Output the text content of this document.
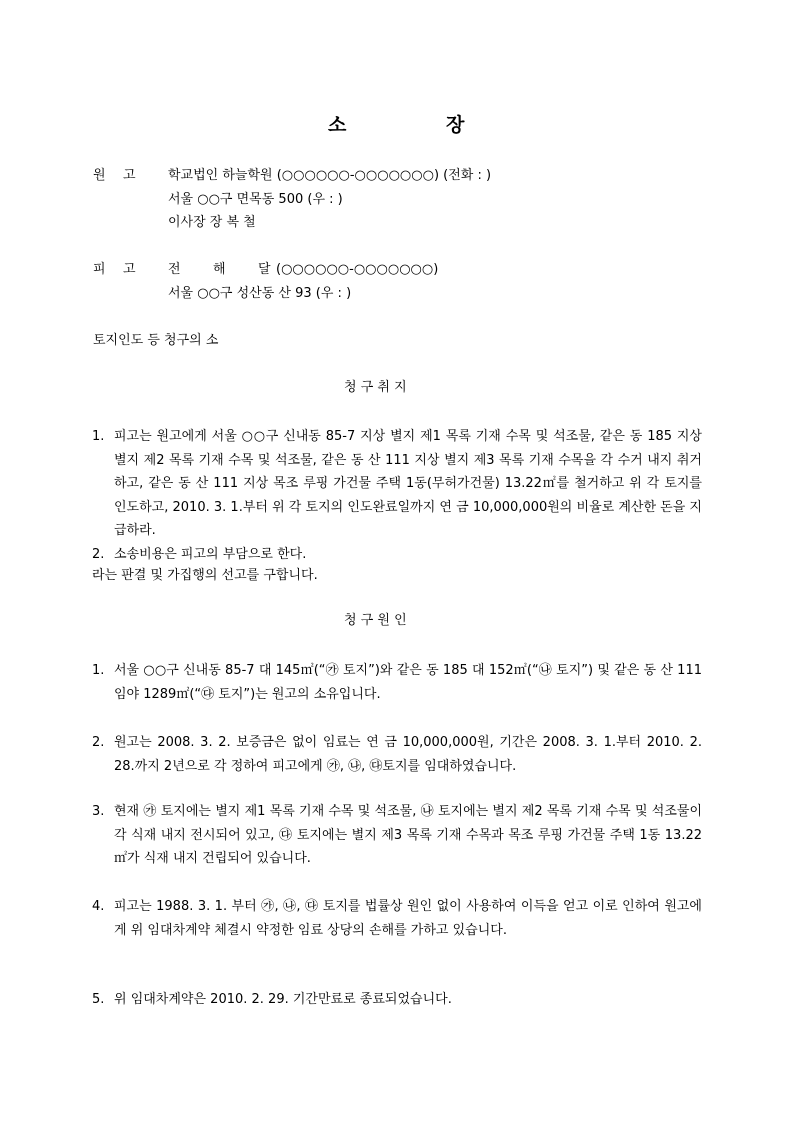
소	장
원 고 학교법인 하늘학원 (○○○○○○-○○○○○○○) (전화 : )
서울 ○○구 면목동 500 (우 : )
이사장 장 복 철
피 고 전 해 달 (○○○○○○-○○○○○○○)
서울 ○○구 성산동 산 93 (우 : )
토지인도 등 청구의 소
청 구 취 지
1. 피고는 원고에게 서울 ○○구 신내동 85-7 지상 별지 제1 목록 기재 수목 및 석조물, 같은 동 185 지상 별지 제2 목록 기재 수목 및 석조물, 같은 동 산 111 지상 별지 제3 목록 기재 수목을 각 수거 내지 취거하고, 같은 동 산 111 지상 목조 루핑 가건물 주택 1동(무허가건물) 13.22㎡를 철거하고 위 각 토지를 인도하고, 2010. 3. 1.부터 위 각 토지의 인도완료일까지 연 금 10,000,000원의 비율로 계산한 돈을 지급하라.
2. 소송비용은 피고의 부담으로 한다.
라는 판결 및 가집행의 선고를 구합니다.
청 구 원 인
1. 서울 ○○구 신내동 85-7 대 145㎡(“㉮ 토지”)와 같은 동 185 대 152㎡(“㉯ 토지”) 및 같은 동 산 111 임야 1289㎡(“㉰ 토지”)는 원고의 소유입니다.
2. 원고는 2008. 3. 2. 보증금은 없이 임료는 연 금 10,000,000원, 기간은 2008. 3. 1.부터 2010. 2. 28.까지 2년으로 각 정하여 피고에게 ㉮, ㉯, ㉰토지를 임대하였습니다.
3. 현재 ㉮ 토지에는 별지 제1 목록 기재 수목 및 석조물, ㉯ 토지에는 별지 제2 목록 기재 수목 및 석조물이 각 식재 내지 전시되어 있고, ㉰ 토지에는 별지 제3 목록 기재 수목과 목조 루핑 가건물 주택 1동 13.22㎡가 식재 내지 건립되어 있습니다.
4. 피고는 1988. 3. 1. 부터 ㉮, ㉯, ㉰ 토지를 법률상 원인 없이 사용하여 이득을 얻고 이로 인하여 원고에게 위 임대차계약 체결시 약정한 임료 상당의 손해를 가하고 있습니다.
5. 위 임대차계약은 2010. 2. 29. 기간만료로 종료되었습니다.
